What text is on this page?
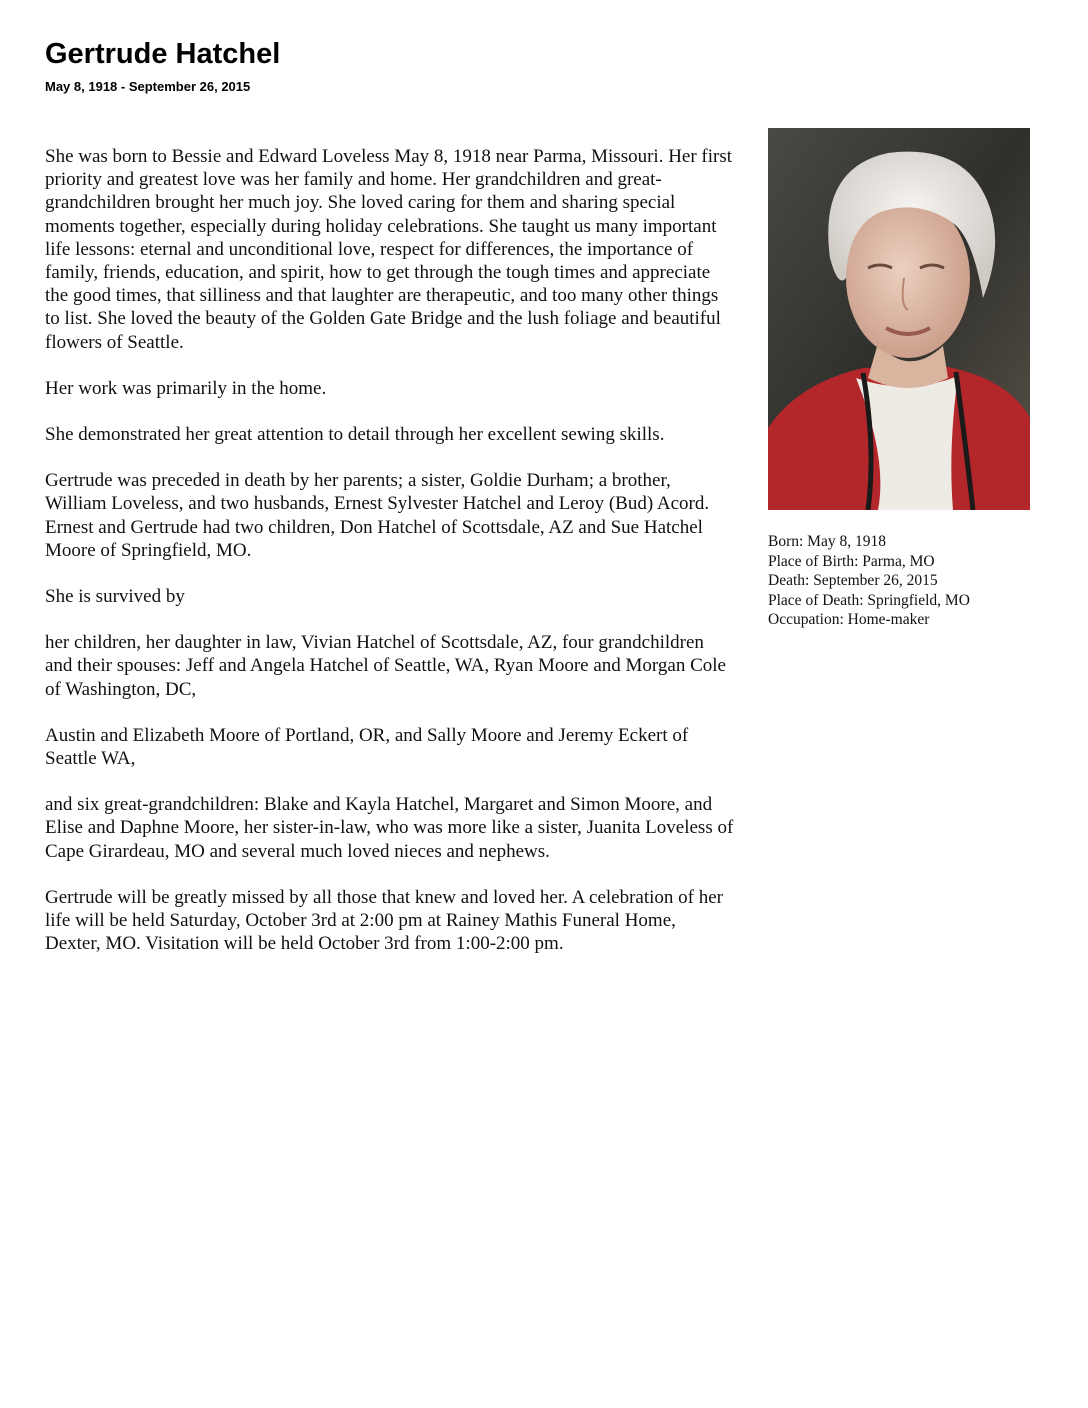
Gertrude Hatchel
May 8, 1918 - September 26, 2015

She was born to Bessie and Edward Loveless May 8, 1918 near Parma, Missouri. Her first priority and greatest love was her family and home. Her grandchildren and great-grandchildren brought her much joy. She loved caring for them and sharing special moments together, especially during holiday celebrations. She taught us many important life lessons: eternal and unconditional love, respect for differences, the importance of family, friends, education, and spirit, how to get through the tough times and appreciate the good times, that silliness and that laughter are therapeutic, and too many other things to list. She loved the beauty of the Golden Gate Bridge and the lush foliage and beautiful flowers of Seattle.

Her work was primarily in the home.

She demonstrated her great attention to detail through her excellent sewing skills.

Gertrude was preceded in death by her parents; a sister, Goldie Durham; a brother, William Loveless, and two husbands, Ernest Sylvester Hatchel and Leroy (Bud) Acord. Ernest and Gertrude had two children, Don Hatchel of Scottsdale, AZ and Sue Hatchel Moore of Springfield, MO.

She is survived by

her children, her daughter in law, Vivian Hatchel of Scottsdale, AZ, four grandchildren and their spouses: Jeff and Angela Hatchel of Seattle, WA, Ryan Moore and Morgan Cole of Washington, DC,

Austin and Elizabeth Moore of Portland, OR, and Sally Moore and Jeremy Eckert of Seattle WA,

and six great-grandchildren: Blake and Kayla Hatchel, Margaret and Simon Moore, and Elise and Daphne Moore, her sister-in-law, who was more like a sister, Juanita Loveless of Cape Girardeau, MO and several much loved nieces and nephews.

Gertrude will be greatly missed by all those that knew and loved her. A celebration of her life will be held Saturday, October 3rd at 2:00 pm at Rainey Mathis Funeral Home, Dexter, MO. Visitation will be held October 3rd from 1:00-2:00 pm.

Born: May 8, 1918
Place of Birth: Parma, MO
Death: September 26, 2015
Place of Death: Springfield, MO
Occupation: Home-maker
